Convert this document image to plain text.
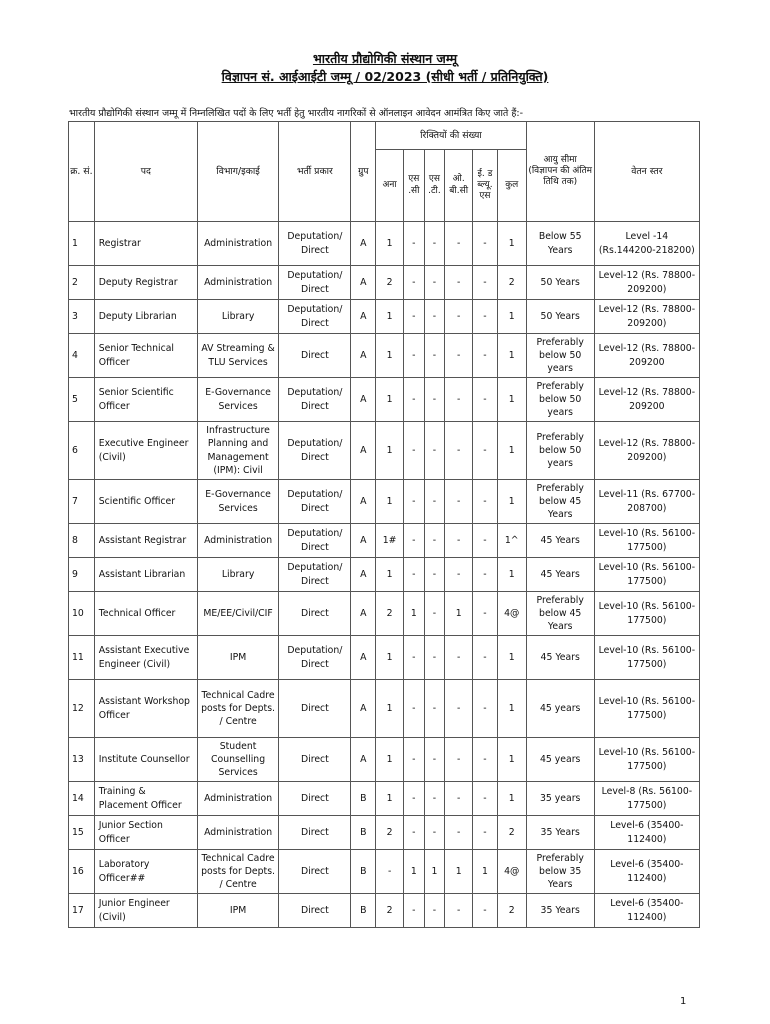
भारतीय प्रौद्योगिकी संस्थान जम्मू
विज्ञापन सं. आईआईटी जम्मू / 02/2023 (सीधी भर्ती / प्रतिनियुक्ति)
भारतीय प्रौद्योगिकी संस्थान जम्मू में निम्नलिखित पदों के लिए भर्ती हेतु भारतीय नागरिकों से ऑनलाइन आवेदन आमंत्रित किए जाते हैं:-
क्र. सं.	पद	विभाग/इकाई	भर्ती प्रकार	ग्रुप	रिक्तियों की संख्या						आयु सीमा (विज्ञापन की अंतिम तिथि तक)	वेतन स्तर
					अना	एस .सी	एस .टी.	ओ. बी.सी	ई. ड ब्ल्यू. एस	कुल		
1	Registrar	Administration	Deputation/ Direct	A	1	-	-	-	-	1	Below 55 Years	Level -14 (Rs.144200-218200)
2	Deputy Registrar	Administration	Deputation/ Direct	A	2	-	-	-	-	2	50 Years	Level-12 (Rs. 78800-209200)
3	Deputy Librarian	Library	Deputation/ Direct	A	1	-	-	-	-	1	50 Years	Level-12 (Rs. 78800-209200)
4	Senior Technical Officer	AV Streaming & TLU Services	Direct	A	1	-	-	-	-	1	Preferably below 50 years	Level-12 (Rs. 78800-209200
5	Senior Scientific Officer	E-Governance Services	Deputation/ Direct	A	1	-	-	-	-	1	Preferably below 50 years	Level-12 (Rs. 78800-209200
6	Executive Engineer (Civil)	Infrastructure Planning and Management (IPM): Civil	Deputation/ Direct	A	1	-	-	-	-	1	Preferably below 50 years	Level-12 (Rs. 78800-209200)
7	Scientific Officer	E-Governance Services	Deputation/ Direct	A	1	-	-	-	-	1	Preferably below 45 Years	Level-11 (Rs. 67700-208700)
8	Assistant Registrar	Administration	Deputation/ Direct	A	1#	-	-	-	-	1^	45 Years	Level-10 (Rs. 56100-177500)
9	Assistant Librarian	Library	Deputation/ Direct	A	1	-	-	-	-	1	45 Years	Level-10 (Rs. 56100-177500)
10	Technical Officer	ME/EE/Civil/CIF	Direct	A	2	1	-	1	-	4@	Preferably below 45 Years	Level-10 (Rs. 56100-177500)
11	Assistant Executive Engineer (Civil)	IPM	Deputation/ Direct	A	1	-	-	-	-	1	45 Years	Level-10 (Rs. 56100-177500)
12	Assistant Workshop Officer	Technical Cadre posts for Depts. / Centre	Direct	A	1	-	-	-	-	1	45 years	Level-10 (Rs. 56100-177500)
13	Institute Counsellor	Student Counselling Services	Direct	A	1	-	-	-	-	1	45 years	Level-10 (Rs. 56100-177500)
14	Training & Placement Officer	Administration	Direct	B	1	-	-	-	-	1	35 years	Level-8 (Rs. 56100-177500)
15	Junior Section Officer	Administration	Direct	B	2	-	-	-	-	2	35 Years	Level-6 (35400-112400)
16	Laboratory Officer##	Technical Cadre posts for Depts. / Centre	Direct	B	-	1	1	1	1	4@	Preferably below 35 Years	Level-6 (35400-112400)
17	Junior Engineer (Civil)	IPM	Direct	B	2	-	-	-	-	2	35 Years	Level-6 (35400-112400)
1
